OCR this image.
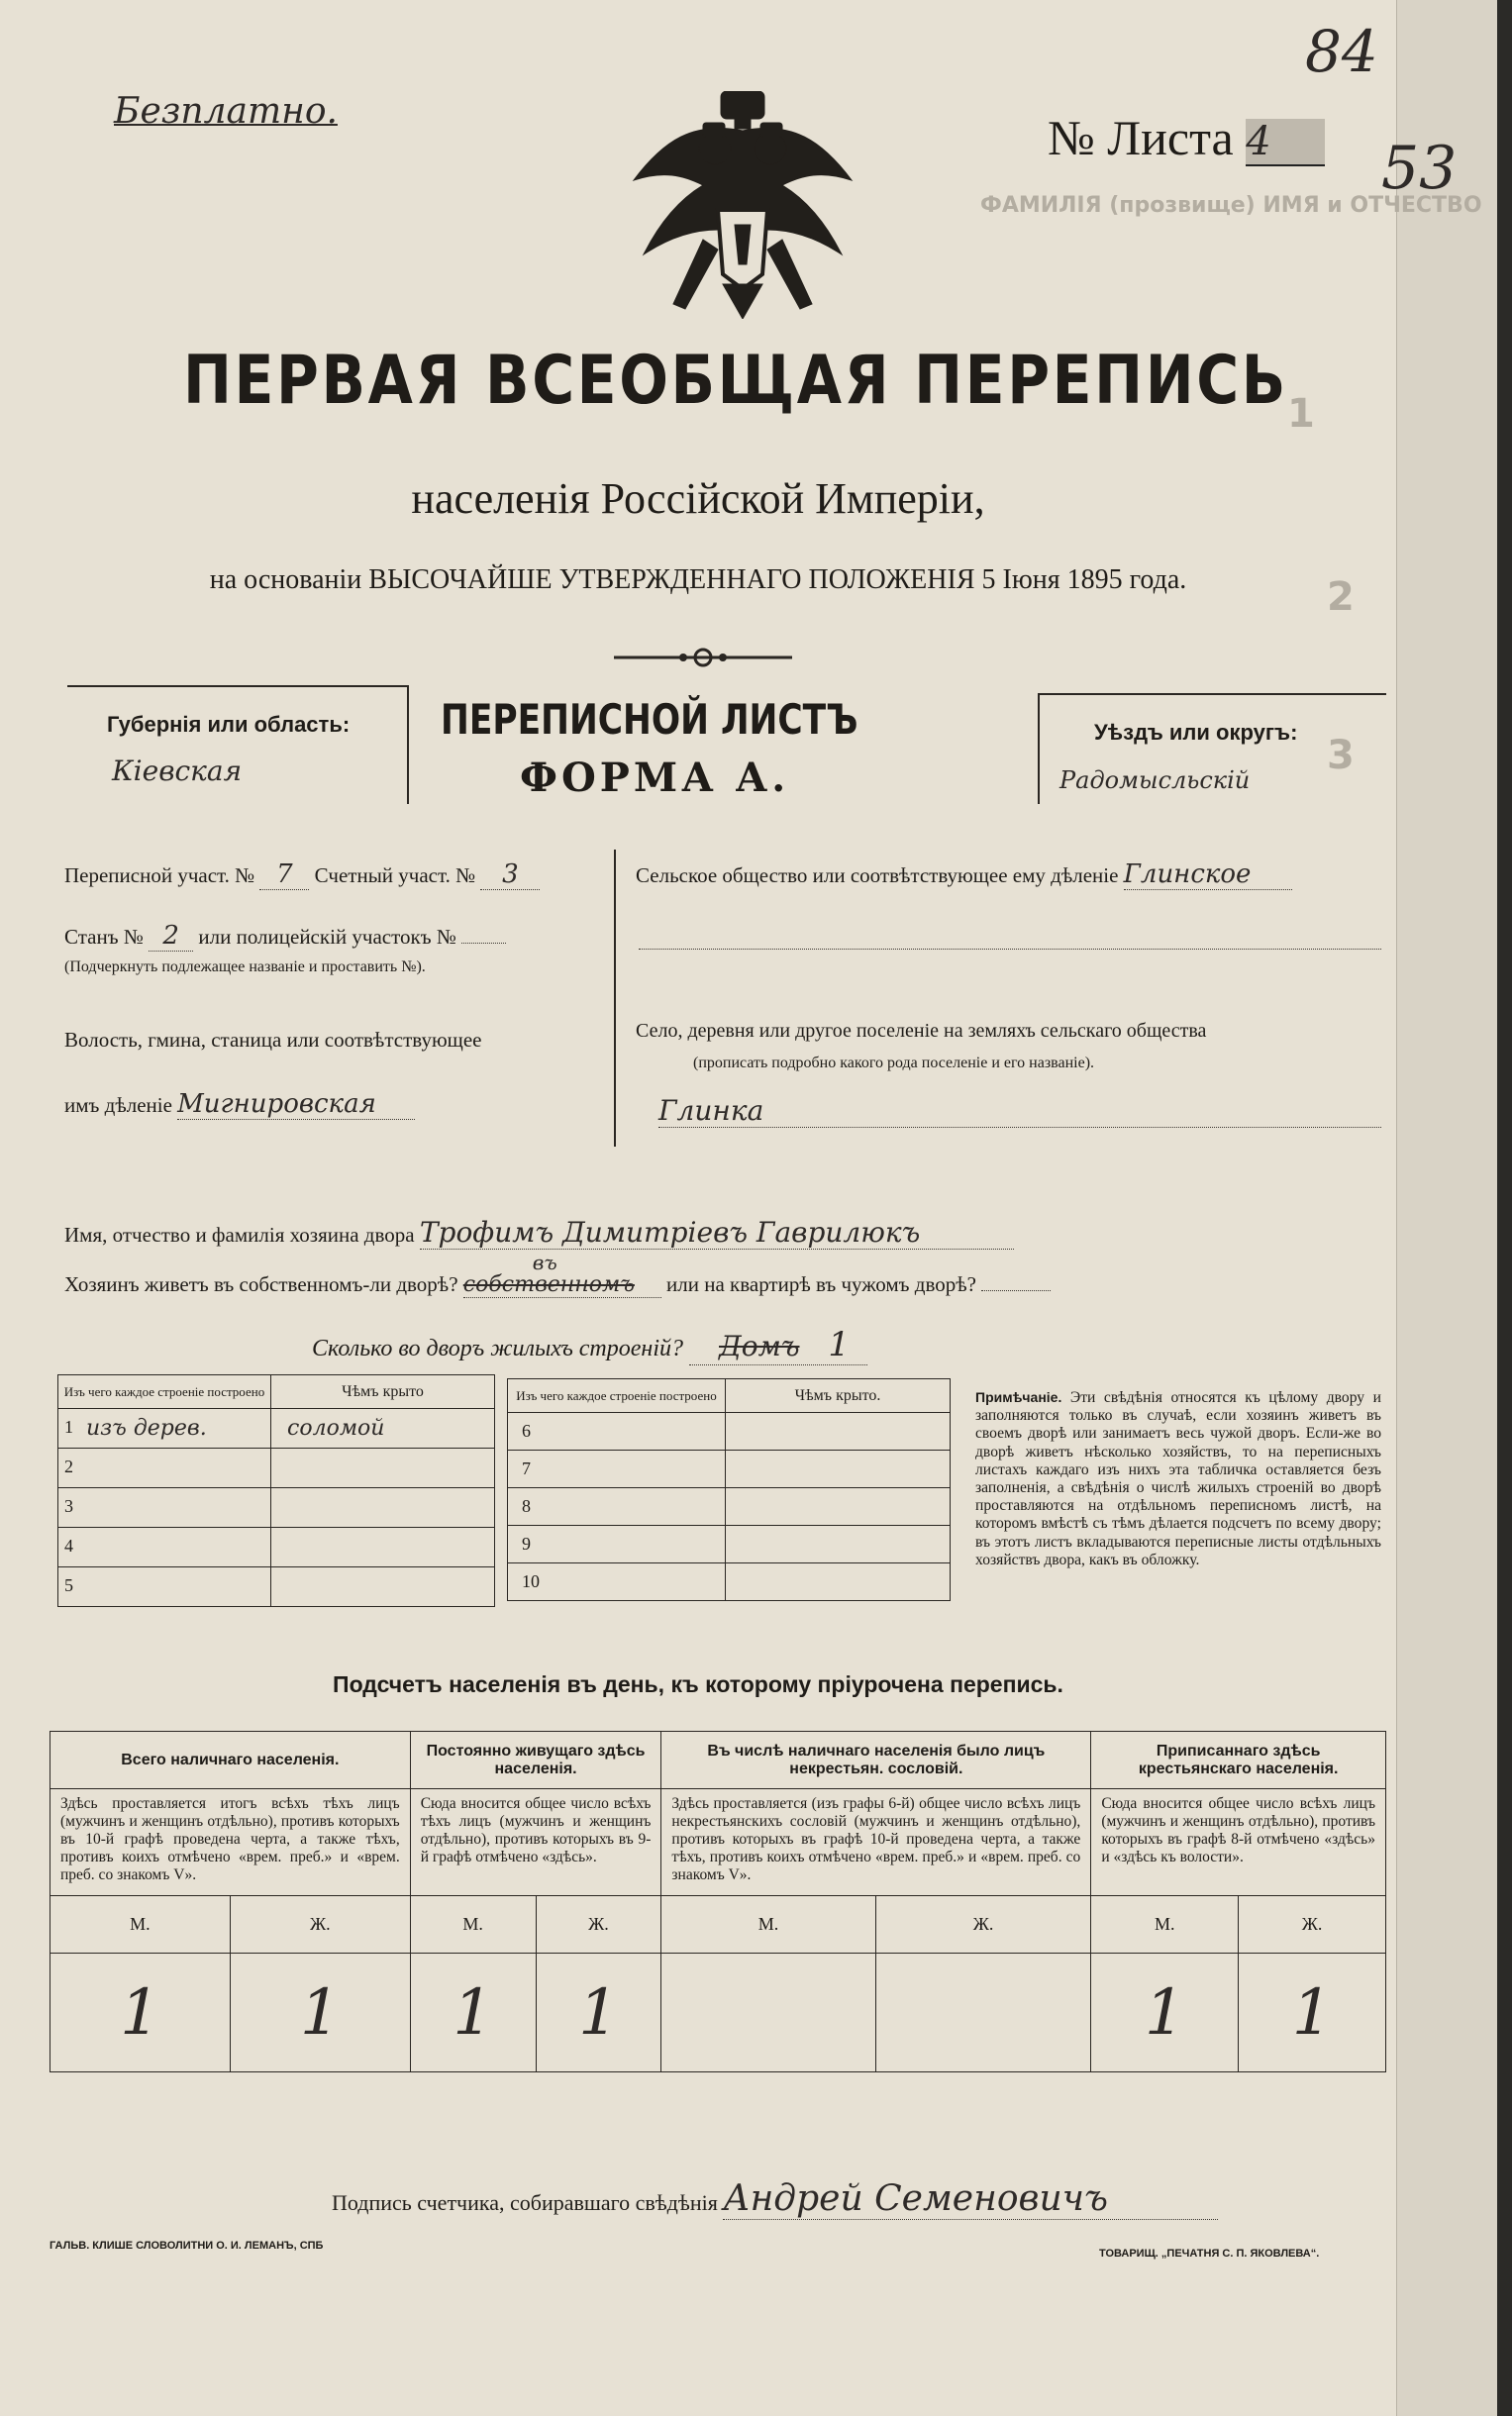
ФАМИЛІЯ (прозвище) ИМЯ и ОТЧЕСТВО
1
2
3
Безплатно.	№ Листа 4
84
53
ПЕРВАЯ ВСЕОБЩАЯ ПЕРЕПИСЬ
населенія Россійской Имперіи,
на основаніи ВЫСОЧАЙШЕ УТВЕРЖДЕННАГО ПОЛОЖЕНІЯ 5 Іюня 1895 года.
Губернія или область:
Кіевская
ПЕРЕПИСНОЙ ЛИСТЪ
ФОРМА А.
Уѣздъ или округъ:
Радомысльскій
Переписной участ. № 7 Счетный участ. № 3
Станъ № 2 или полицейскій участокъ №
(Подчеркнуть подлежащее названіе и проставить №).
Волость, гмина, станица или соотвѣтствующее
имъ дѣленіе Мигнировская
Сельское общество или соотвѣтствующее ему дѣленіе Глинское
Село, деревня или другое поселеніе на земляхъ сельскаго общества
(прописать подробно какого рода поселеніе и его названіе).
Глинка
Имя, отчество и фамилія хозяина двора Трофимъ Димитріевъ Гаврилюкъ
Хозяинъ живетъ въ собственномъ-ли дворѣ?
въ
собственномъ или на квартирѣ въ чужомъ дворѣ?
Сколько во дворъ жилыхъ строеній? Домъ 1
Изъ чего каждое строеніе построено	Чѣмъ крыто

1 изъ дерев.	соломой

2	

3	

4	

5	

Изъ чего каждое строеніе построено	Чѣмъ крыто.
6	
7	
8	
9	
10	
Примѣчаніе. Эти свѣдѣнія относятся къ цѣлому двору и заполняются только въ случаѣ, если хозяинъ живетъ въ своемъ дворѣ или занимаетъ весь чужой дворъ. Если-же во дворѣ живетъ нѣсколько хозяйствъ, то на переписныхъ листахъ каждаго изъ нихъ эта табличка оставляется безъ заполненія, а свѣдѣнія о числѣ жилыхъ строеній во дворѣ проставляются на отдѣльномъ переписномъ листѣ, на которомъ вмѣстѣ съ тѣмъ дѣлается подсчетъ по всему двору; въ этотъ листъ вкладываются переписные листы отдѣльныхъ хозяйствъ двора, какъ въ обложку.
Подсчетъ населенія въ день, къ которому пріурочена перепись.
Всего наличнаго населенія.		Постоянно живущаго здѣсь населенія.		Въ числѣ наличнаго населенія было лицъ некрестьян. сословій.		Приписаннаго здѣсь крестьянскаго населенія.	
Здѣсь проставляется итогъ всѣхъ тѣхъ лицъ (мужчинъ и женщинъ отдѣльно), противъ которыхъ въ 10-й графѣ проведена черта, а также тѣхъ, противъ коихъ отмѣчено «врем. преб.» и «врем. преб. со знакомъ V».		Сюда вносится общее число всѣхъ тѣхъ лицъ (мужчинъ и женщинъ отдѣльно), противъ которыхъ въ 9-й графѣ отмѣчено «здѣсь».		Здѣсь проставляется (изъ графы 6-й) общее число всѣхъ лицъ некрестьянскихъ сословій (мужчинъ и женщинъ отдѣльно), противъ которыхъ въ графѣ 10-й проведена черта, а также тѣхъ, противъ коихъ отмѣчено «врем. преб.» и «врем. преб. со знакомъ V».		Сюда вносится общее число всѣхъ лицъ (мужчинъ и женщинъ отдѣльно), противъ которыхъ въ графѣ 8-й отмѣчено «здѣсь» и «здѣсь къ волости».	
М.	Ж.	М.	Ж.	М.	Ж.	М.	Ж.
1	1	1	1			1	1
Подпись счетчика, собиравшаго свѣдѣнія Андрей Семеновичъ
ГАЛЬВ. КЛИШЕ СЛОВОЛИТНИ О. И. ЛЕМАНЪ, СПБ
ТОВАРИЩ. „ПЕЧАТНЯ С. П. ЯКОВЛЕВА“.
